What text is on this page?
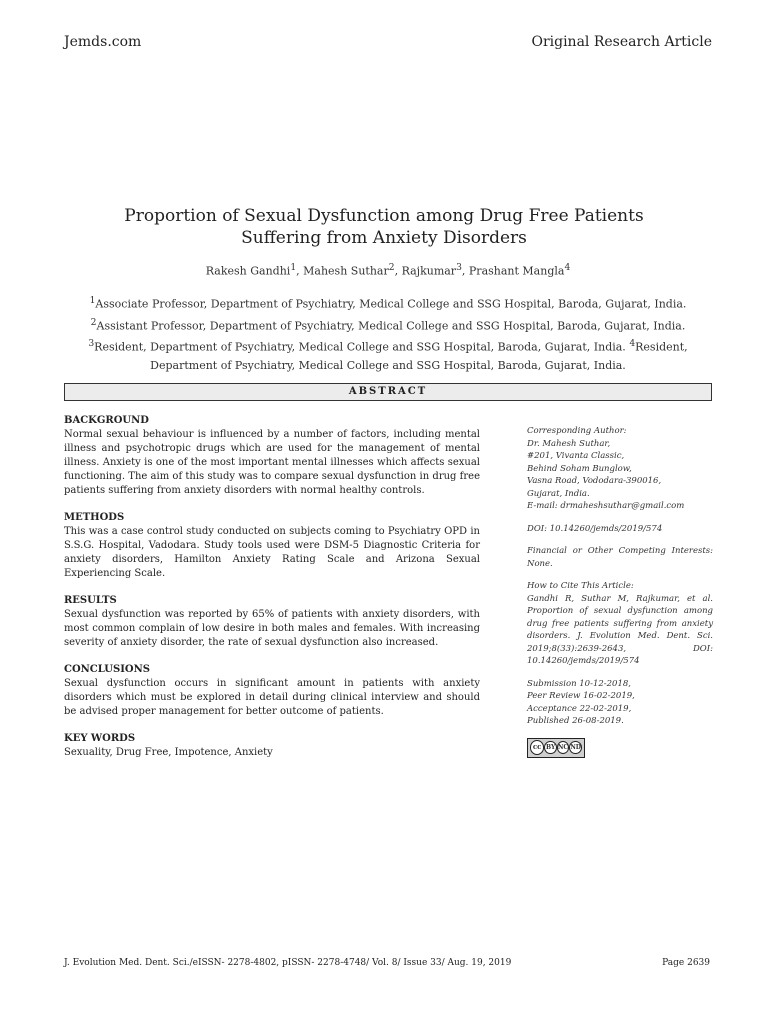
Jemds.com	Original Research Article
Proportion of Sexual Dysfunction among Drug Free Patients
Suffering from Anxiety Disorders
Rakesh Gandhi$^1$, Mahesh Suthar$^2$, Rajkumar$^3$, Prashant Mangla$^4$
$^1$Associate Professor, Department of Psychiatry, Medical College and SSG Hospital, Baroda, Gujarat, India. $^2$Assistant Professor, Department of Psychiatry, Medical College and SSG Hospital, Baroda, Gujarat, India. $^3$Resident, Department of Psychiatry, Medical College and SSG Hospital, Baroda, Gujarat, India. $^4$Resident, Department of Psychiatry, Medical College and SSG Hospital, Baroda, Gujarat, India.
ABSTRACT

BACKGROUND

Normal sexual behaviour is influenced by a number of factors, including mental illness and psychotropic drugs which are used for the management of mental illness. Anxiety is one of the most important mental illnesses which affects sexual functioning. The aim of this study was to compare sexual dysfunction in drug free patients suffering from anxiety disorders with normal healthy controls.

METHODS

This was a case control study conducted on subjects coming to Psychiatry OPD in S.S.G. Hospital, Vadodara. Study tools used were DSM-5 Diagnostic Criteria for anxiety disorders, Hamilton Anxiety Rating Scale and Arizona Sexual Experiencing Scale.

RESULTS

Sexual dysfunction was reported by 65% of patients with anxiety disorders, with most common complain of low desire in both males and females. With increasing severity of anxiety disorder, the rate of sexual dysfunction also increased.

CONCLUSIONS

Sexual dysfunction occurs in significant amount in patients with anxiety disorders which must be explored in detail during clinical interview and should be advised proper management for better outcome of patients.

KEY WORDS

Sexuality, Drug Free, Impotence, Anxiety

Corresponding Author:
Dr. Mahesh Suthar,
#201, Vivanta Classic,
Behind Soham Bunglow,
Vasna Road, Vododara-390016,
Gujarat, India.
E-mail: drmaheshsuthar@gmail.com

DOI: 10.14260/jemds/2019/574

Financial or Other Competing Interests: None.

How to Cite This Article:
Gandhi R, Suthar M, Rajkumar, et al. Proportion of sexual dysfunction among drug free patients suffering from anxiety disorders. J. Evolution Med. Dent. Sci. 2019;8(33):2639-2643, DOI: 10.14260/jemds/2019/574

Submission 10-12-2018,
Peer Review 16-02-2019,
Acceptance 22-02-2019,
Published 26-08-2019.

cc BY NC ND
J. Evolution Med. Dent. Sci./eISSN- 2278-4802, pISSN- 2278-4748/ Vol. 8/ Issue 33/ Aug. 19, 2019	Page 2639
